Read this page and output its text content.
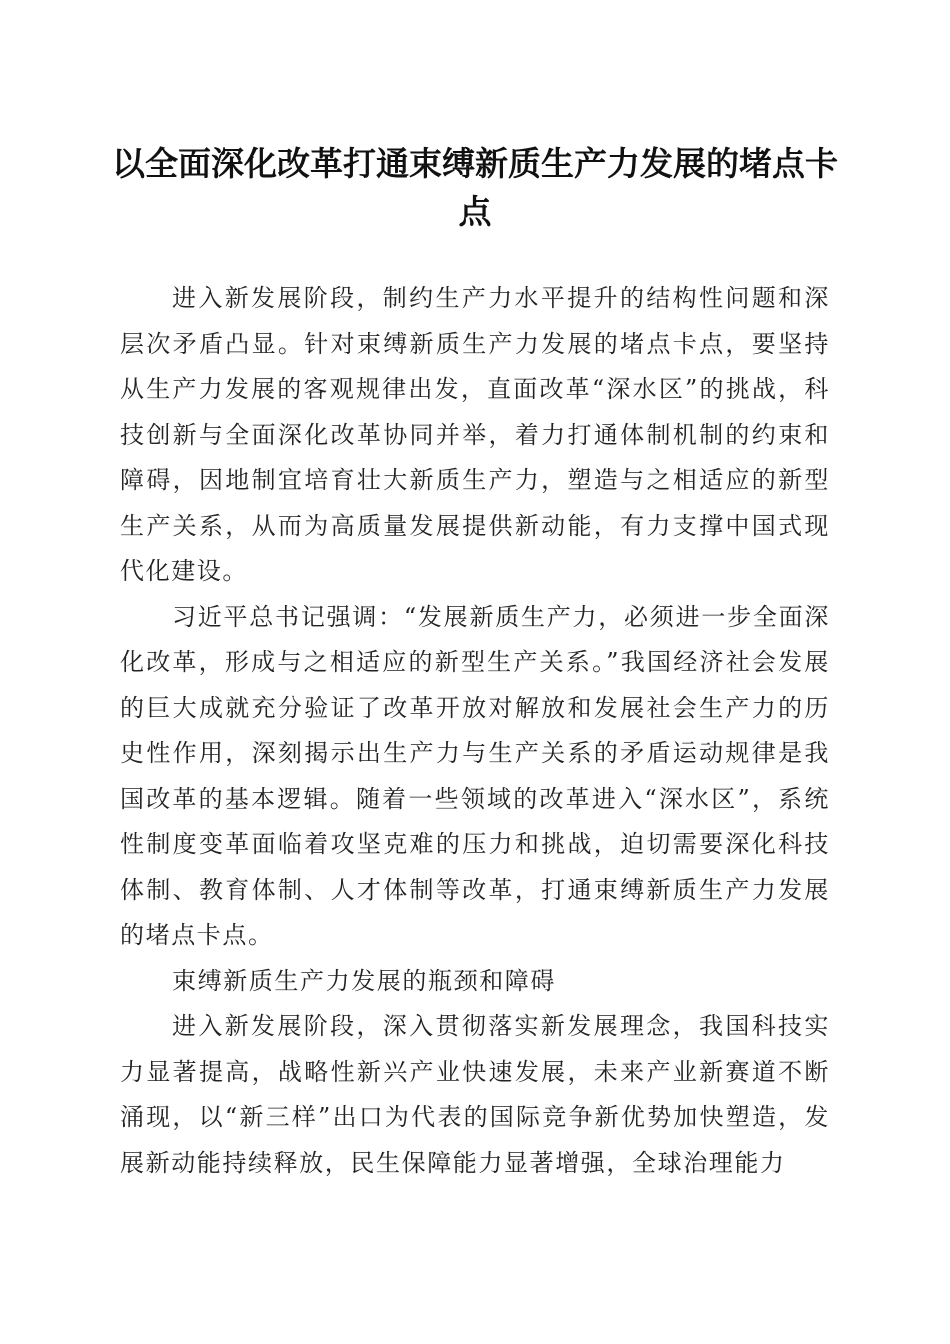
以全面深化改革打通束缚新质生产力发展的堵点卡点

进入新发展阶段，制约生产力水平提升的结构性问题和深层次矛盾凸显。针对束缚新质生产力发展的堵点卡点，要坚持从生产力发展的客观规律出发，直面改革“深水区”的挑战，科技创新与全面深化改革协同并举，着力打通体制机制的约束和障碍，因地制宜培育壮大新质生产力，塑造与之相适应的新型生产关系，从而为高质量发展提供新动能，有力支撑中国式现代化建设。

习近平总书记强调：“发展新质生产力，必须进一步全面深化改革，形成与之相适应的新型生产关系。”我国经济社会发展的巨大成就充分验证了改革开放对解放和发展社会生产力的历史性作用，深刻揭示出生产力与生产关系的矛盾运动规律是我国改革的基本逻辑。随着一些领域的改革进入“深水区”，系统性制度变革面临着攻坚克难的压力和挑战，迫切需要深化科技体制、教育体制、人才体制等改革，打通束缚新质生产力发展的堵点卡点。

束缚新质生产力发展的瓶颈和障碍

进入新发展阶段，深入贯彻落实新发展理念，我国科技实力显著提高，战略性新兴产业快速发展，未来产业新赛道不断涌现，以“新三样”出口为代表的国际竞争新优势加快塑造，发展新动能持续释放，民生保障能力显著增强，全球治理能力
